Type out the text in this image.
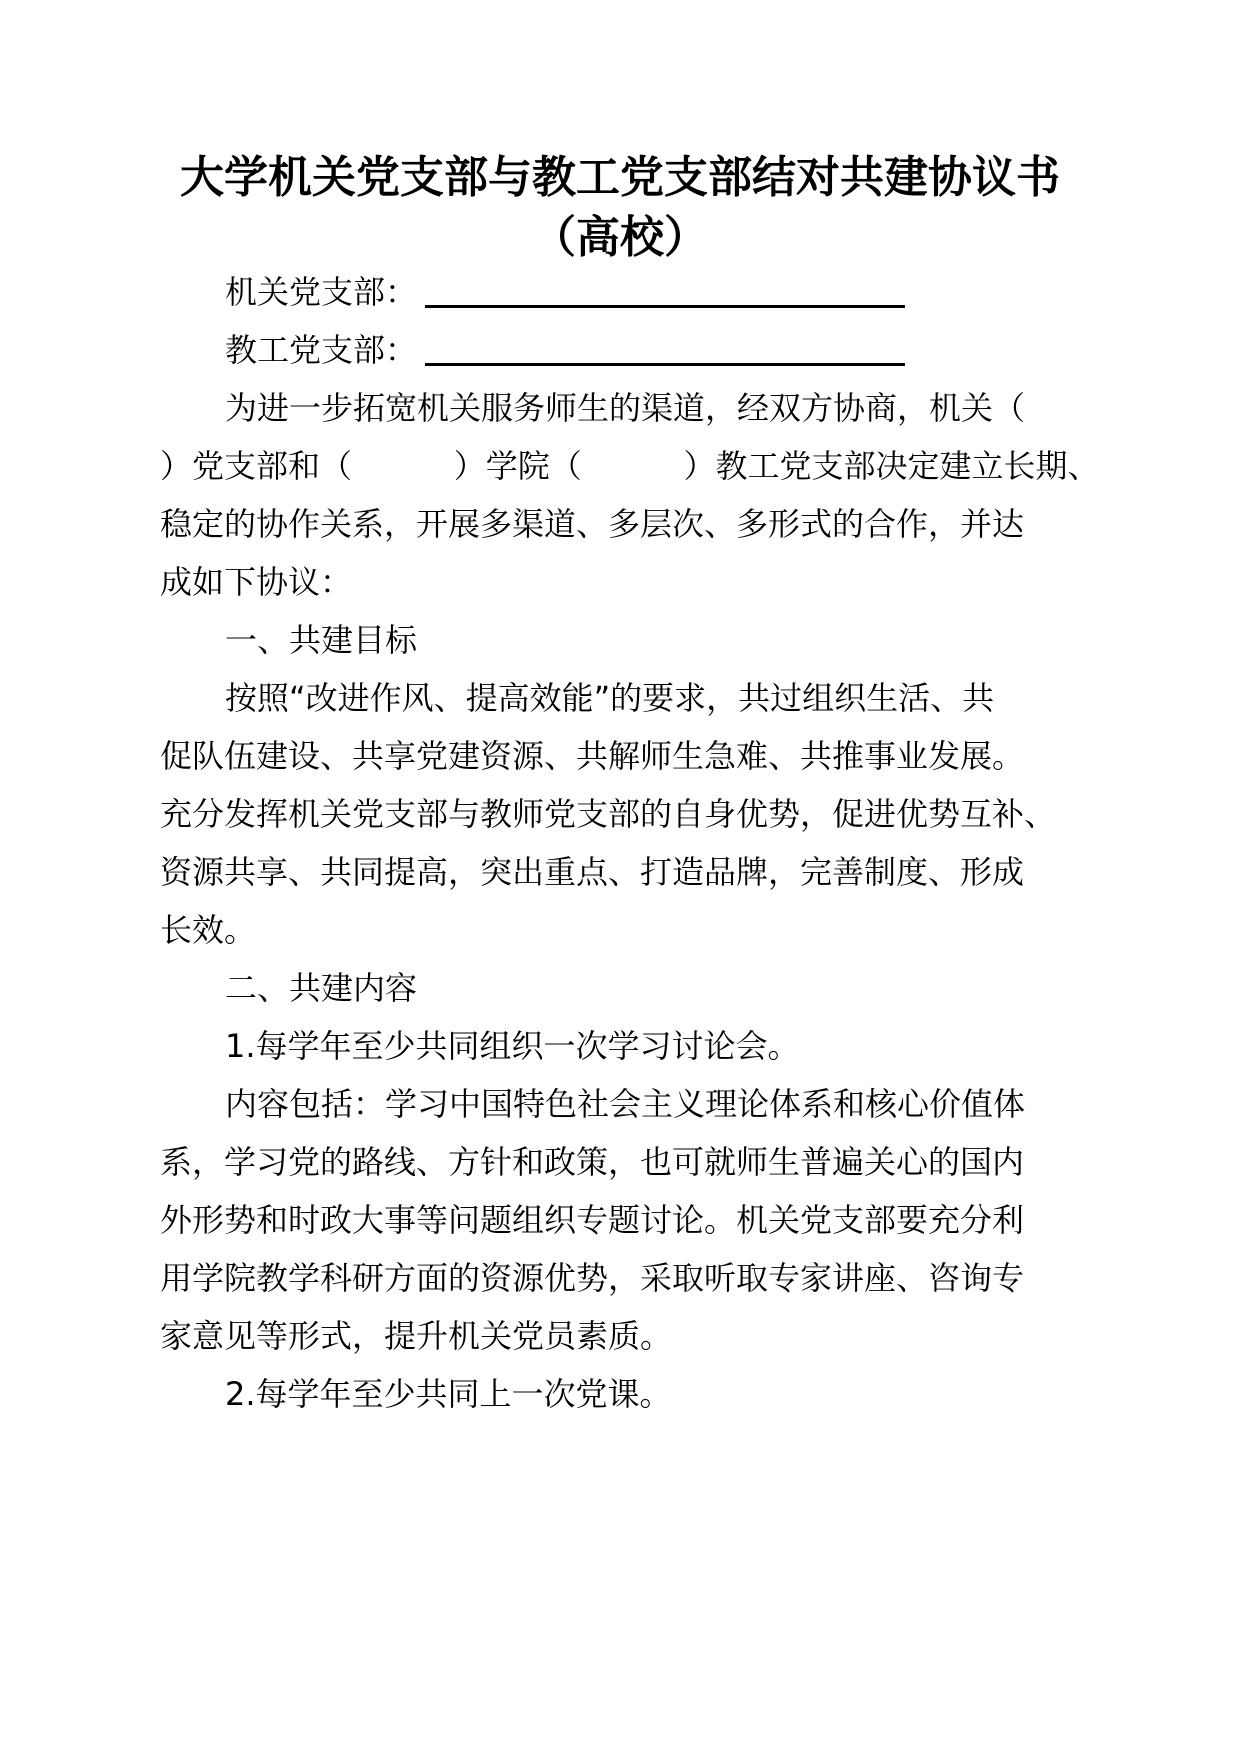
大学机关党支部与教工党支部结对共建协议书
（高校）

机关党支部：

教工党支部：

为进一步拓宽机关服务师生的渠道，经双方协商，机关（

）党支部和（          ）学院（          ）教工党支部决定建立长期、

稳定的协作关系，开展多渠道、多层次、多形式的合作，并达

成如下协议：

一、共建目标

按照“改进作风、提高效能”的要求，共过组织生活、共

促队伍建设、共享党建资源、共解师生急难、共推事业发展。

充分发挥机关党支部与教师党支部的自身优势，促进优势互补、

资源共享、共同提高，突出重点、打造品牌，完善制度、形成

长效。

二、共建内容

1.每学年至少共同组织一次学习讨论会。

内容包括：学习中国特色社会主义理论体系和核心价值体

系，学习党的路线、方针和政策，也可就师生普遍关心的国内

外形势和时政大事等问题组织专题讨论。机关党支部要充分利

用学院教学科研方面的资源优势，采取听取专家讲座、咨询专

家意见等形式，提升机关党员素质。

2.每学年至少共同上一次党课。
